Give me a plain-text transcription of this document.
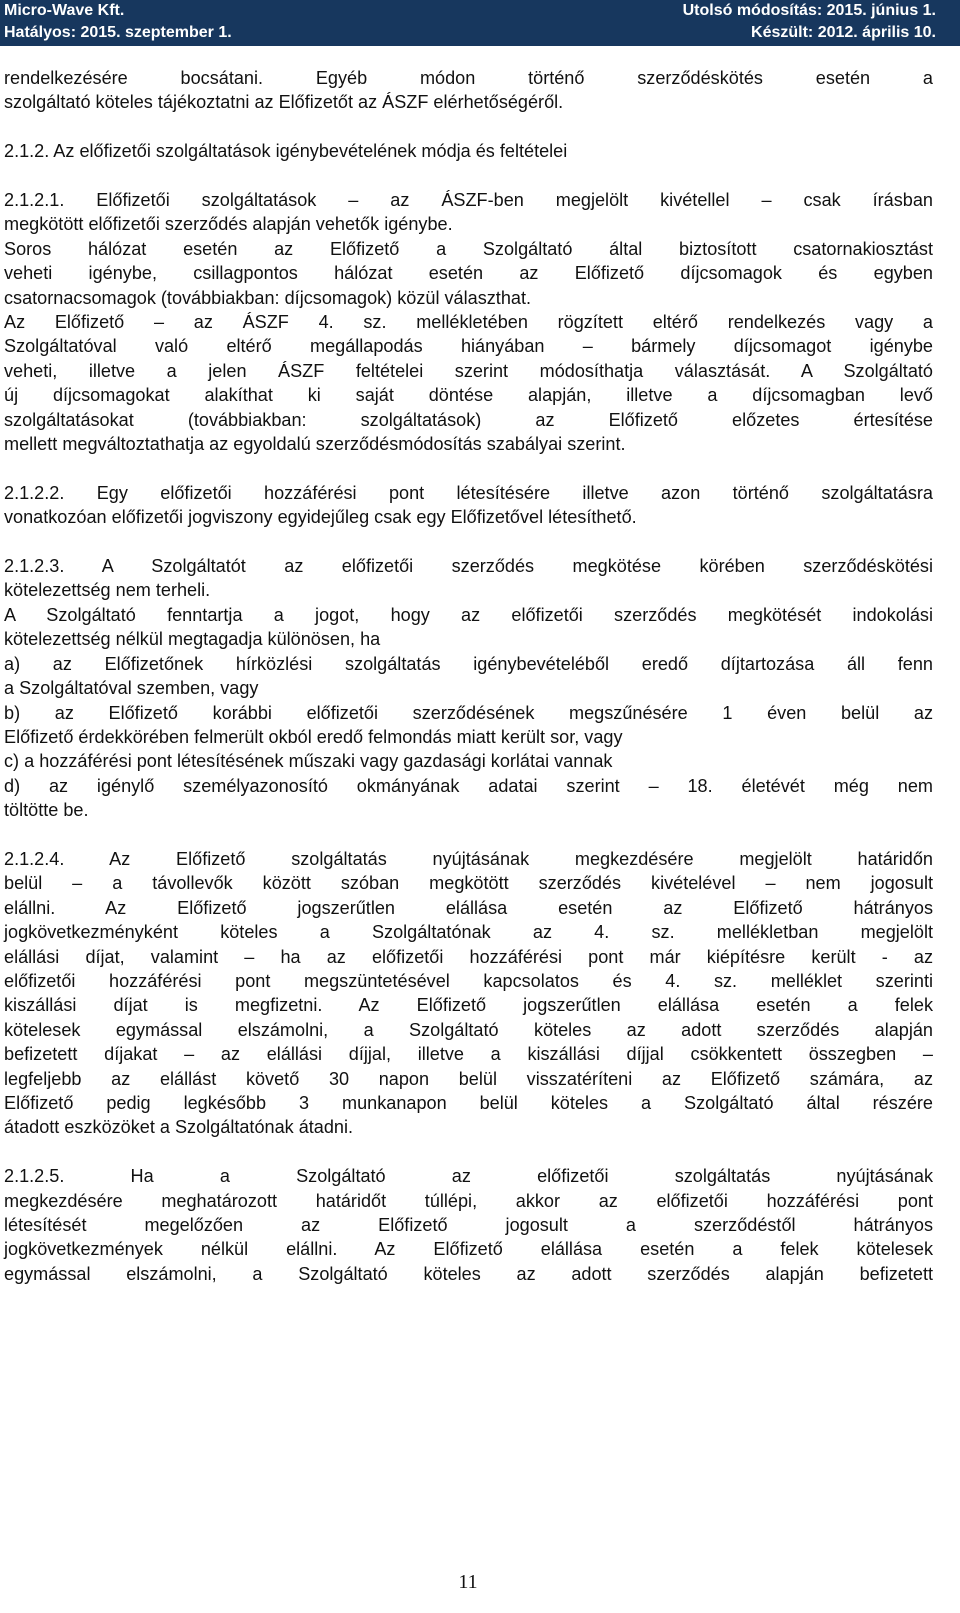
Micro-Wave Kft.	Utolsó módosítás: 2015. június 1.
Hatályos: 2015. szeptember 1.	Készült: 2012. április 10.

rendelkezésére bocsátani. Egyéb módon történő szerződéskötés esetén a

szolgáltató köteles tájékoztatni az Előfizetőt az ÁSZF elérhetőségéről.

2.1.2. Az előfizetői szolgáltatások igénybevételének módja és feltételei

2.1.2.1. Előfizetői szolgáltatások – az ÁSZF-ben megjelölt kivétellel – csak írásban

megkötött előfizetői szerződés alapján vehetők igénybe.

Soros hálózat esetén az Előfizető a Szolgáltató által biztosított csatornakiosztást

veheti igénybe, csillagpontos hálózat esetén az Előfizető díjcsomagok és egyben

csatornacsomagok (továbbiakban: díjcsomagok) közül választhat.

Az Előfizető – az ÁSZF 4. sz. mellékletében rögzített eltérő rendelkezés vagy a

Szolgáltatóval való eltérő megállapodás hiányában – bármely díjcsomagot igénybe

veheti, illetve a jelen ÁSZF feltételei szerint módosíthatja választását. A Szolgáltató

új díjcsomagokat alakíthat ki saját döntése alapján, illetve a díjcsomagban levő

szolgáltatásokat (továbbiakban: szolgáltatások) az Előfizető előzetes értesítése

mellett megváltoztathatja az egyoldalú szerződésmódosítás szabályai szerint.

2.1.2.2. Egy előfizetői hozzáférési pont létesítésére illetve azon történő szolgáltatásra

vonatkozóan előfizetői jogviszony egyidejűleg csak egy Előfizetővel létesíthető.

2.1.2.3. A Szolgáltatót az előfizetői szerződés megkötése körében szerződéskötési

kötelezettség nem terheli.

A Szolgáltató fenntartja a jogot, hogy az előfizetői szerződés megkötését indokolási

kötelezettség nélkül megtagadja különösen, ha

a) az Előfizetőnek hírközlési szolgáltatás igénybevételéből eredő díjtartozása áll fenn

a Szolgáltatóval szemben, vagy

b) az Előfizető korábbi előfizetői szerződésének megszűnésére 1 éven belül az

Előfizető érdekkörében felmerült okból eredő felmondás miatt került sor, vagy

c) a hozzáférési pont létesítésének műszaki vagy gazdasági korlátai vannak

d) az igénylő személyazonosító okmányának adatai szerint – 18. életévét még nem

töltötte be.

2.1.2.4. Az Előfizető szolgáltatás nyújtásának megkezdésére megjelölt határidőn

belül – a távollevők között szóban megkötött szerződés kivételével – nem jogosult

elállni. Az Előfizető jogszerűtlen elállása esetén az Előfizető hátrányos

jogkövetkezményként köteles a Szolgáltatónak az 4. sz. mellékletban megjelölt

elállási díjat, valamint – ha az előfizetői hozzáférési pont már kiépítésre került - az

előfizetői hozzáférési pont megszüntetésével kapcsolatos és 4. sz. melléklet szerinti

kiszállási díjat is megfizetni. Az Előfizető jogszerűtlen elállása esetén a felek

kötelesek egymással elszámolni, a Szolgáltató köteles az adott szerződés alapján

befizetett díjakat – az elállási díjjal, illetve a kiszállási díjjal csökkentett összegben –

legfeljebb az elállást követő 30 napon belül visszatéríteni az Előfizető számára, az

Előfizető pedig legkésőbb 3 munkanapon belül köteles a Szolgáltató által részére

átadott eszközöket a Szolgáltatónak átadni.

2.1.2.5. Ha a Szolgáltató az előfizetői szolgáltatás nyújtásának

megkezdésére meghatározott határidőt túllépi, akkor az előfizetői hozzáférési pont

létesítését megelőzően az Előfizető jogosult a szerződéstől hátrányos

jogkövetkezmények nélkül elállni. Az Előfizető elállása esetén a felek kötelesek

egymással elszámolni, a Szolgáltató köteles az adott szerződés alapján befizetett

11
